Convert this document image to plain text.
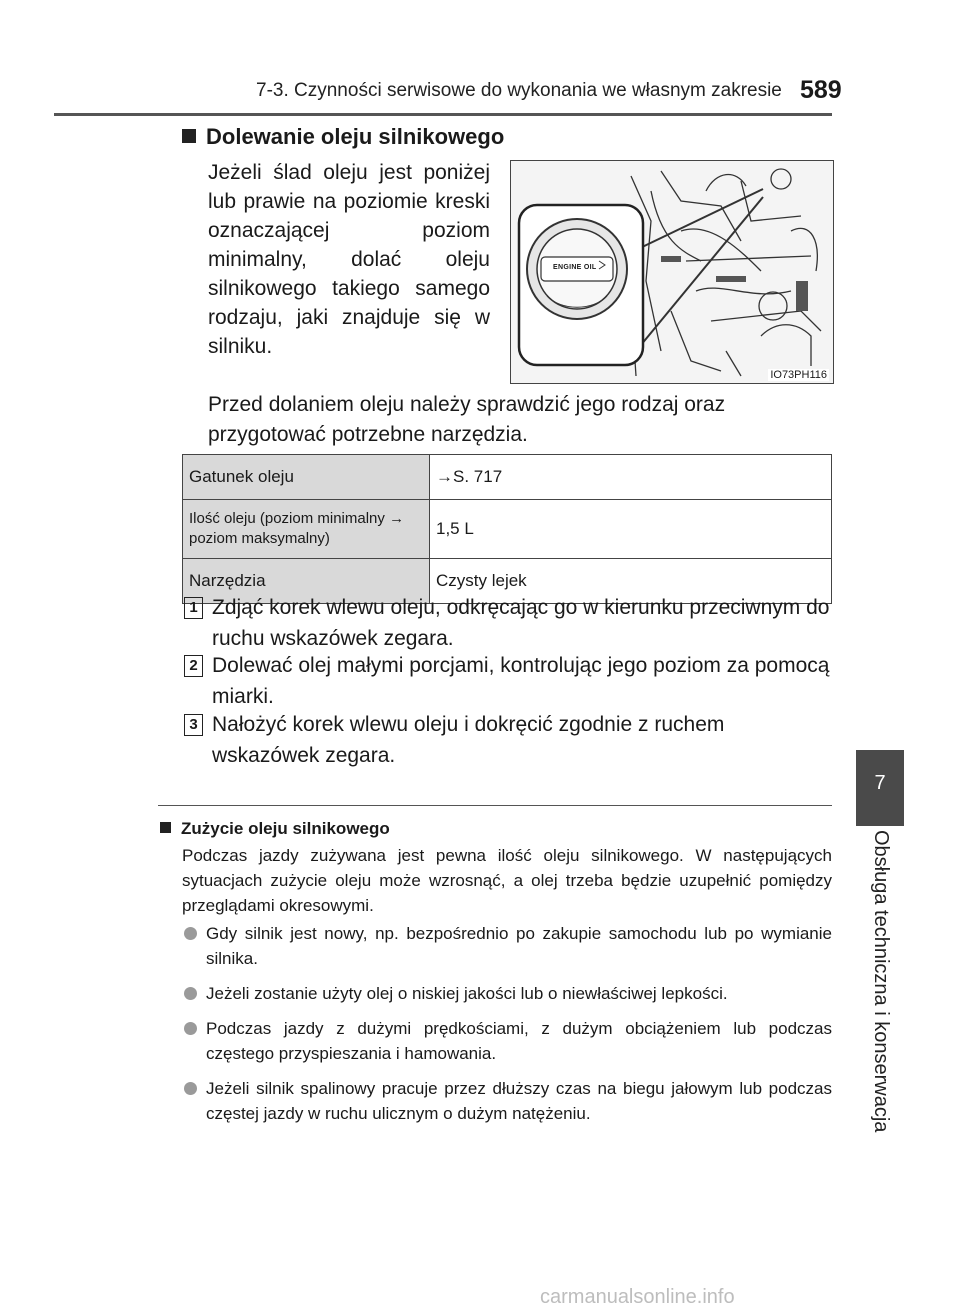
7-3. Czynności serwisowe do wykonania we własnym zakresie 589
7
Obsługa techniczna i konserwacja
Dolewanie oleju silnikowego
Jeżeli ślad oleju jest poniżej lub prawie na poziomie kreski oznaczającej poziom minimalny, dolać oleju silnikowego takiego samego rodzaju, jaki znajduje się w silniku.
IO73PH116
ENGINE OIL
Przed dolaniem oleju należy sprawdzić jego rodzaj oraz przygotować potrzebne narzędzia.
Gatunek oleju	→S. 717
Ilość oleju (poziom minimalny → poziom maksymalny)	1,5 L
Narzędzia	Czysty lejek
1 Zdjąć korek wlewu oleju, odkręcając go w kierunku przeciwnym do ruchu wskazówek zegara.
2 Dolewać olej małymi porcjami, kontrolując jego poziom za pomocą miarki.
3 Nałożyć korek wlewu oleju i dokręcić zgodnie z ruchem wskazówek zegara.
Zużycie oleju silnikowego
Podczas jazdy zużywana jest pewna ilość oleju silnikowego. W następujących sytuacjach zużycie oleju może wzrosnąć, a olej trzeba będzie uzupełnić pomiędzy przeglądami okresowymi.
Gdy silnik jest nowy, np. bezpośrednio po zakupie samochodu lub po wymianie silnika.
Jeżeli zostanie użyty olej o niskiej jakości lub o niewłaściwej lepkości.
Podczas jazdy z dużymi prędkościami, z dużym obciążeniem lub podczas częstego przyspieszania i hamowania.
Jeżeli silnik spalinowy pracuje przez dłuższy czas na biegu jałowym lub podczas częstej jazdy w ruchu ulicznym o dużym natężeniu.
carmanualsonline.info
